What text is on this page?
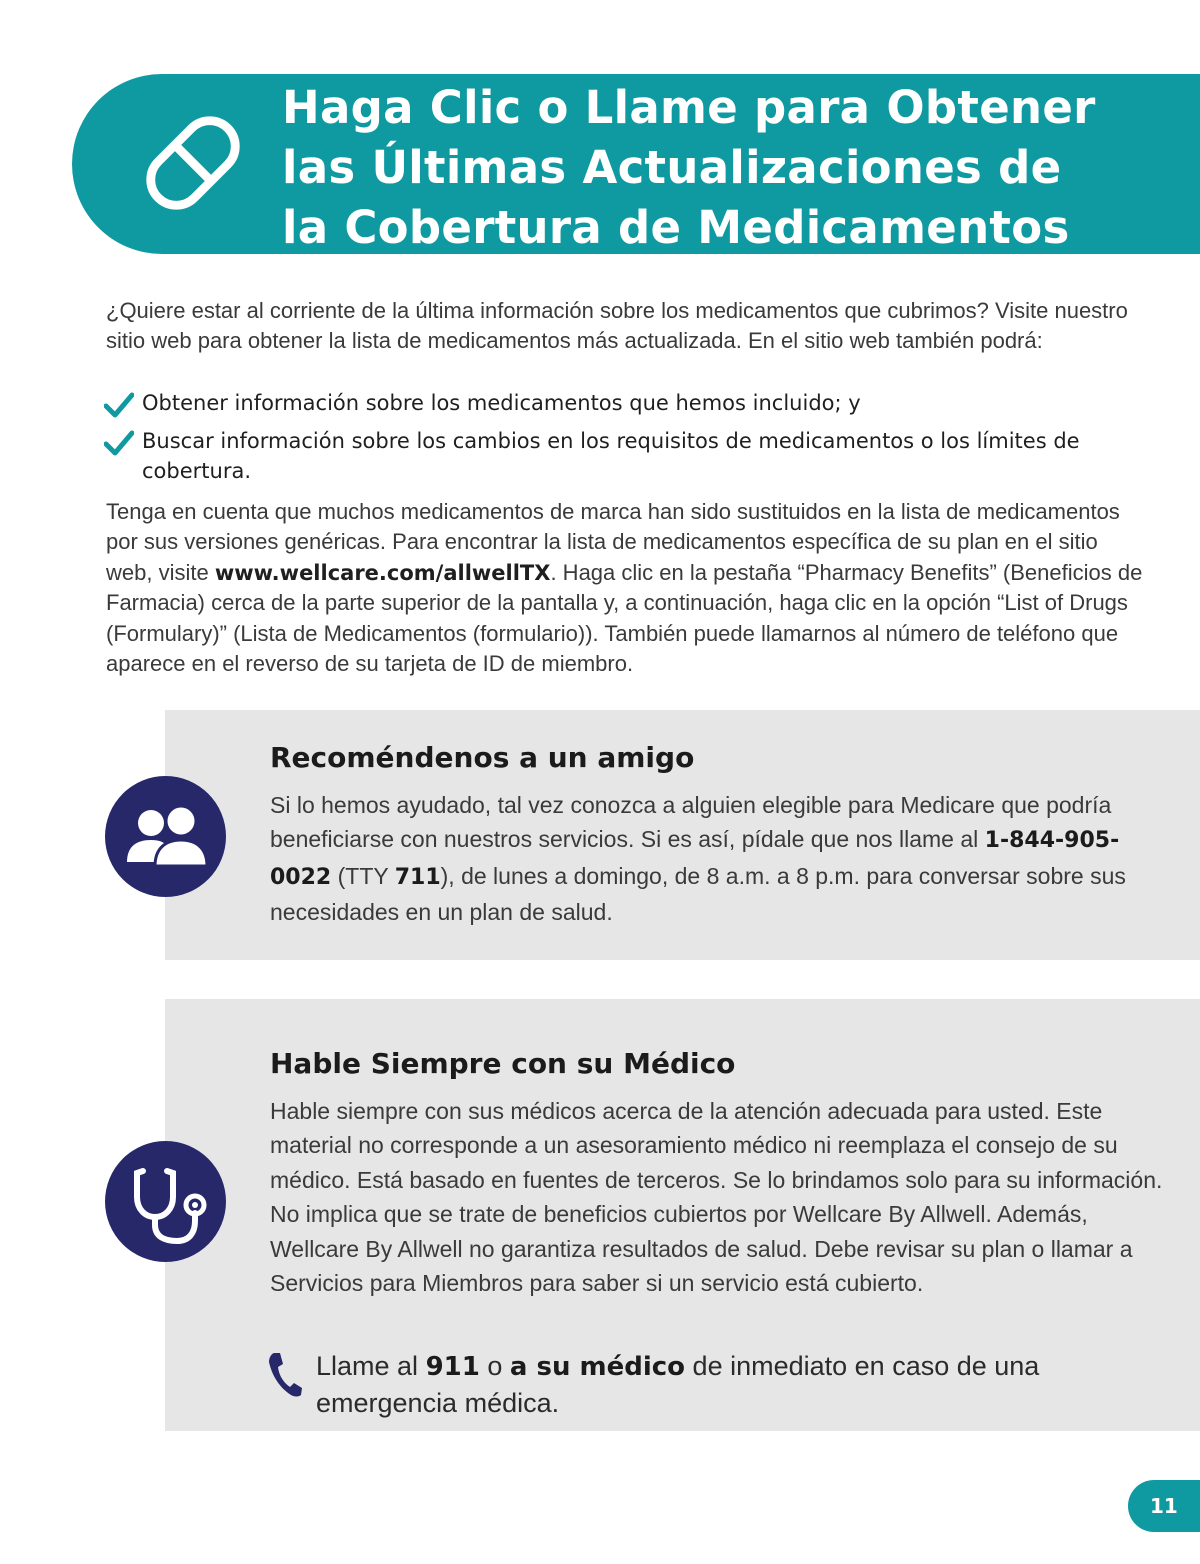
Haga Clic o Llame para Obtener
las Últimas Actualizaciones de
la Cobertura de Medicamentos

¿Quiere estar al corriente de la última información sobre los medicamentos que cubrimos? Visite nuestro sitio web para obtener la lista de medicamentos más actualizada. En el sitio web también podrá:

Obtener información sobre los medicamentos que hemos incluido; y
Buscar información sobre los cambios en los requisitos de medicamentos o los límites de cobertura.

Tenga en cuenta que muchos medicamentos de marca han sido sustituidos en la lista de medicamentos por sus versiones genéricas. Para encontrar la lista de medicamentos específica de su plan en el sitio web, visite www.wellcare.com/allwellTX. Haga clic en la pestaña “Pharmacy Benefits” (Beneficios de Farmacia) cerca de la parte superior de la pantalla y, a continuación, haga clic en la opción “List of Drugs (Formulary)” (Lista de Medicamentos (formulario)). También puede llamarnos al número de teléfono que aparece en el reverso de su tarjeta de ID de miembro.

Recoméndenos a un amigo

Si lo hemos ayudado, tal vez conozca a alguien elegible para Medicare que podría beneficiarse con nuestros servicios. Si es así, pídale que nos llame al 1-844-905-0022 (TTY 711), de lunes a domingo, de 8 a.m. a 8 p.m. para conversar sobre sus necesidades en un plan de salud.

Hable Siempre con su Médico

Hable siempre con sus médicos acerca de la atención adecuada para usted. Este material no corresponde a un asesoramiento médico ni reemplaza el consejo de su médico. Está basado en fuentes de terceros. Se lo brindamos solo para su información. No implica que se trate de beneficios cubiertos por Wellcare By Allwell. Además, Wellcare By Allwell no garantiza resultados de salud. Debe revisar su plan o llamar a Servicios para Miembros para saber si un servicio está cubierto.

Llame al 911 o a su médico de inmediato en caso de una emergencia médica.

11
